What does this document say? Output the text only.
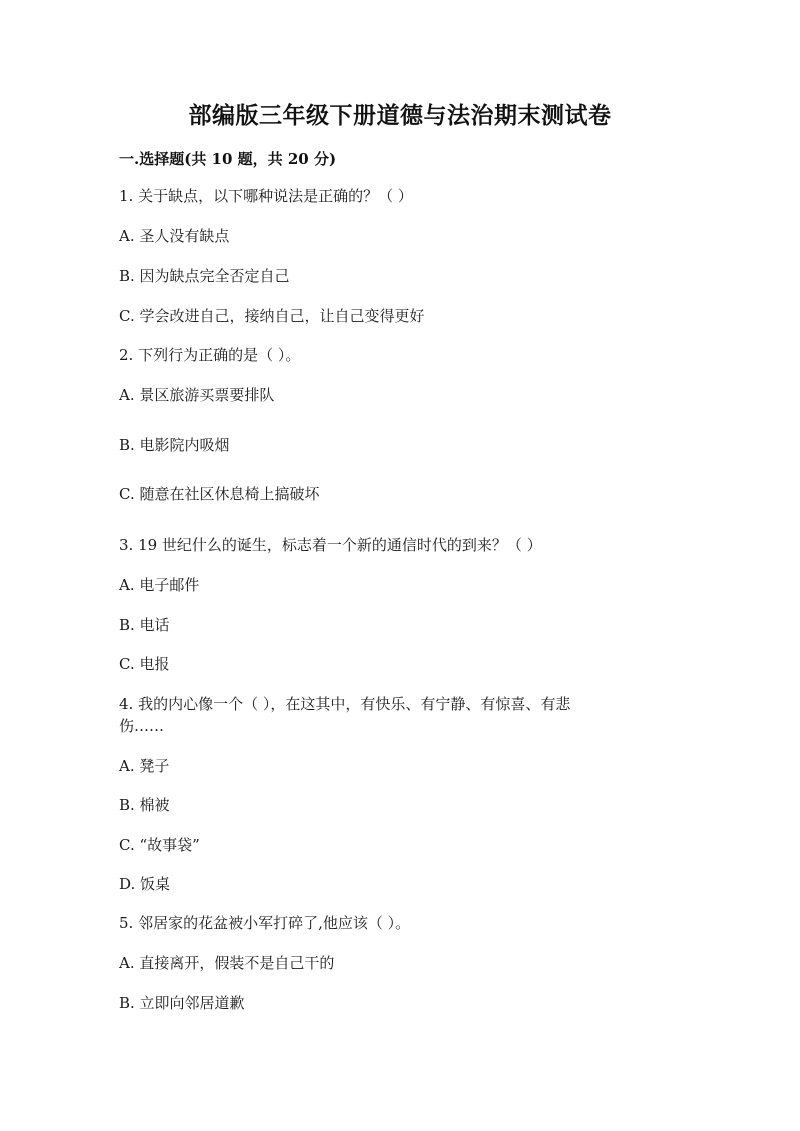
部编版三年级下册道德与法治期末测试卷
一.选择题(共 10 题，共 20 分)
1. 关于缺点，以下哪种说法是正确的？（ ）
A. 圣人没有缺点
B. 因为缺点完全否定自己
C. 学会改进自己，接纳自己，让自己变得更好
2. 下列行为正确的是（ ）。
A. 景区旅游买票要排队
B. 电影院内吸烟
C. 随意在社区休息椅上搞破坏
3. 19 世纪什么的诞生，标志着一个新的通信时代的到来？（ ）
A. 电子邮件
B. 电话
C. 电报
4. 我的内心像一个（ ），在这其中，有快乐、有宁静、有惊喜、有悲
伤……
A. 凳子
B. 棉被
C. “故事袋”
D. 饭桌
5. 邻居家的花盆被小军打碎了,他应该（ ）。
A. 直接离开，假装不是自己干的
B. 立即向邻居道歉
